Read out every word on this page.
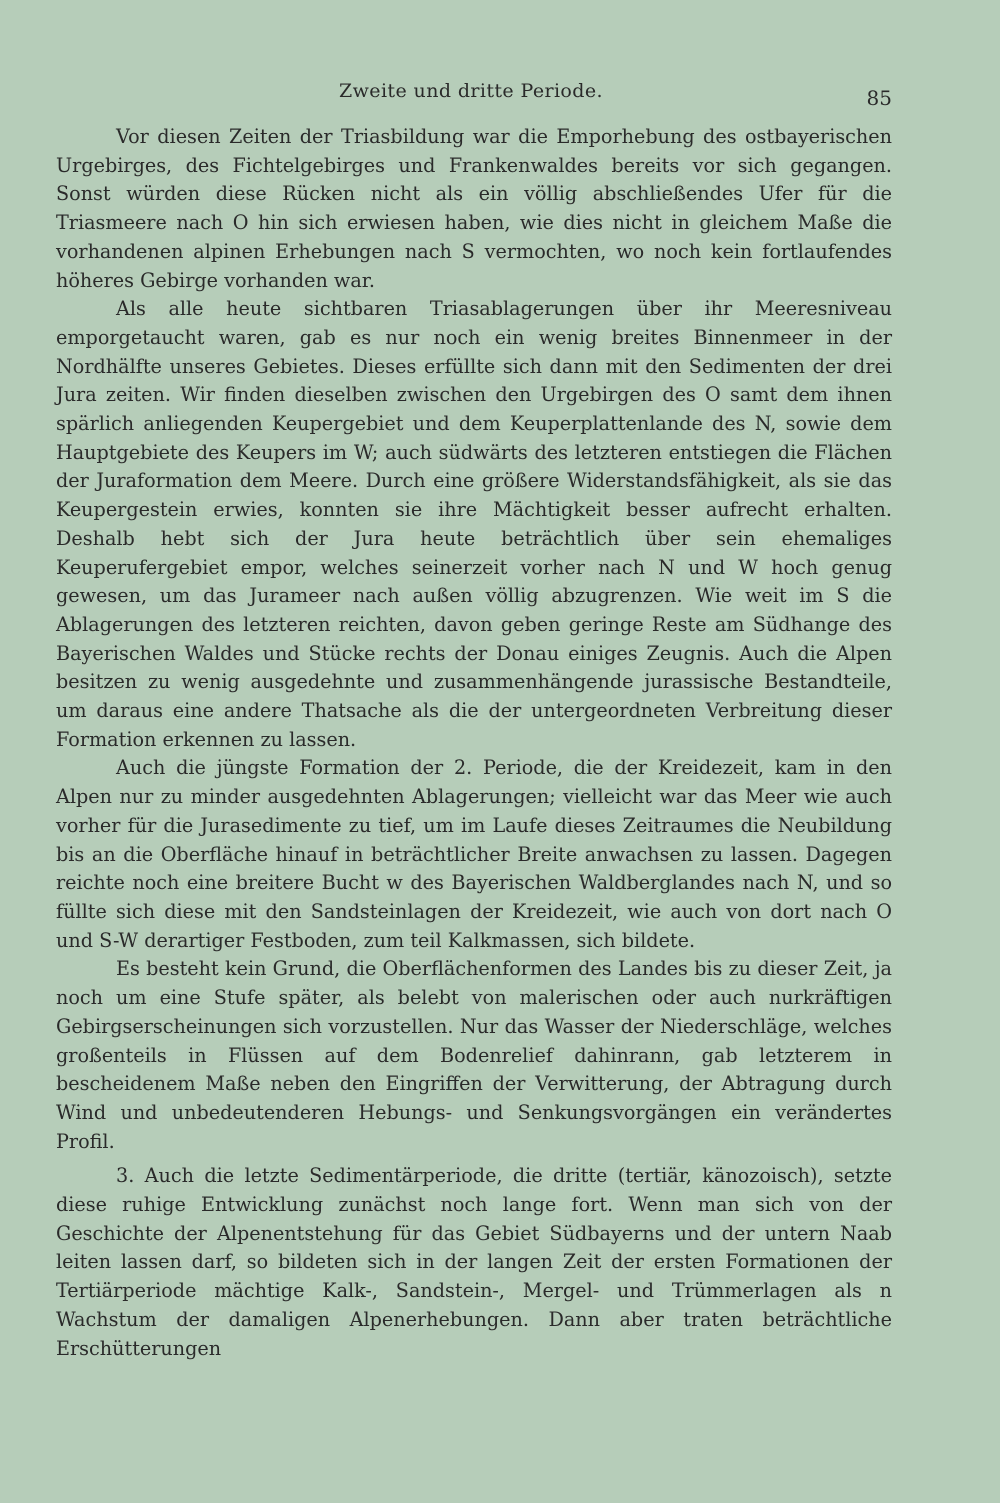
Zweite und dritte Periode.	85

Vor diesen Zeiten der Triasbildung war die Emporhebung des ostbayerischen Urgebirges, des Fichtelgebirges und Frankenwaldes bereits vor sich gegangen. Sonst würden diese Rücken nicht als ein völlig abschließendes Ufer für die Triasmeere nach O hin sich erwiesen haben, wie dies nicht in gleichem Maße die vorhandenen alpinen Erhebungen nach S vermochten, wo noch kein fortlaufendes höheres Gebirge vorhanden war.

Als alle heute sichtbaren Triasablagerungen über ihr Meeresniveau emporgetaucht waren, gab es nur noch ein wenig breites Binnenmeer in der Nordhälfte unseres Gebietes. Dieses erfüllte sich dann mit den Sedimenten der drei Jura zeiten. Wir finden dieselben zwischen den Urgebirgen des O samt dem ihnen spärlich anliegenden Keupergebiet und dem Keuperplattenlande des N, sowie dem Hauptgebiete des Keupers im W; auch südwärts des letzteren entstiegen die Flächen der Juraformation dem Meere. Durch eine größere Widerstandsfähigkeit, als sie das Keupergestein erwies, konnten sie ihre Mächtigkeit besser aufrecht erhalten. Deshalb hebt sich der Jura heute beträchtlich über sein ehemaliges Keuperufergebiet empor, welches seinerzeit vorher nach N und W hoch genug gewesen, um das Jurameer nach außen völlig abzugrenzen. Wie weit im S die Ablagerungen des letzteren reichten, davon geben geringe Reste am Südhange des Bayerischen Waldes und Stücke rechts der Donau einiges Zeugnis. Auch die Alpen besitzen zu wenig ausgedehnte und zusammenhängende jurassische Bestandteile, um daraus eine andere Thatsache als die der untergeordneten Verbreitung dieser Formation erkennen zu lassen.

Auch die jüngste Formation der 2. Periode, die der Kreidezeit, kam in den Alpen nur zu minder ausgedehnten Ablagerungen; vielleicht war das Meer wie auch vorher für die Jurasedimente zu tief, um im Laufe dieses Zeitraumes die Neubildung bis an die Oberfläche hinauf in beträchtlicher Breite anwachsen zu lassen. Dagegen reichte noch eine breitere Bucht w des Bayerischen Waldberglandes nach N, und so füllte sich diese mit den Sandsteinlagen der Kreidezeit, wie auch von dort nach O und S-W derartiger Festboden, zum teil Kalkmassen, sich bildete.

Es besteht kein Grund, die Oberflächenformen des Landes bis zu dieser Zeit, ja noch um eine Stufe später, als belebt von malerischen oder auch nurkräftigen Gebirgserscheinungen sich vorzustellen. Nur das Wasser der Niederschläge, welches großenteils in Flüssen auf dem Bodenrelief dahinrann, gab letzterem in bescheidenem Maße neben den Eingriffen der Verwitterung, der Abtragung durch Wind und unbedeutenderen Hebungs- und Senkungsvorgängen ein verändertes Profil.

3. Auch die letzte Sedimentärperiode, die dritte (tertiär, känozoisch), setzte diese ruhige Entwicklung zunächst noch lange fort. Wenn man sich von der Geschichte der Alpenentstehung für das Gebiet Südbayerns und der untern Naab leiten lassen darf, so bildeten sich in der langen Zeit der ersten Formationen der Tertiärperiode mächtige Kalk-, Sandstein-, Mergel- und Trümmerlagen als n Wachstum der damaligen Alpenerhebungen. Dann aber traten beträchtliche Erschütterungen
